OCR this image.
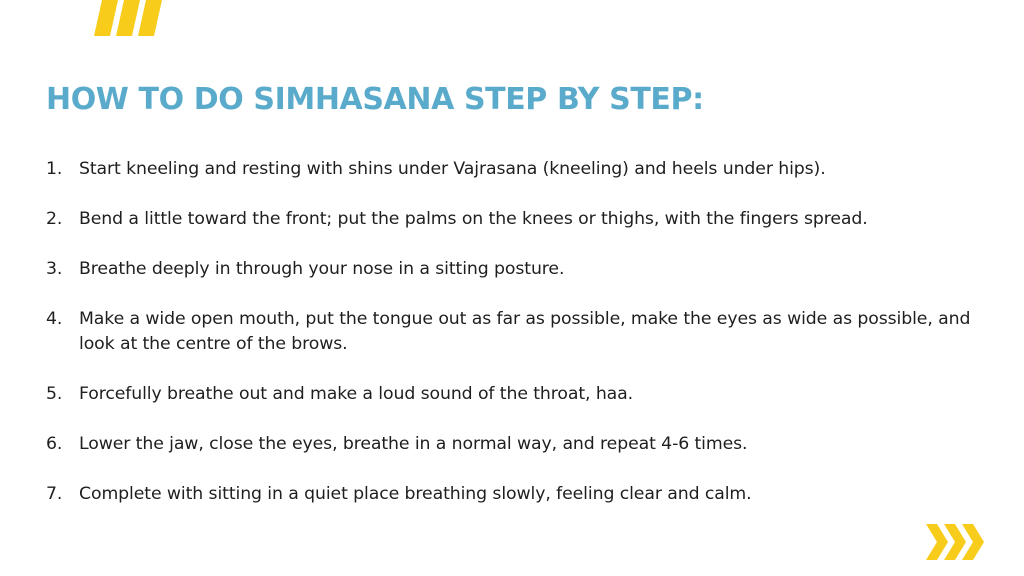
HOW TO DO SIMHASANA STEP BY STEP:
1. Start kneeling and resting with shins under Vajrasana (kneeling) and heels under hips).
2. Bend a little toward the front; put the palms on the knees or thighs, with the fingers spread.
3. Breathe deeply in through your nose in a sitting posture.
4. Make a wide open mouth, put the tongue out as far as possible, make the eyes as wide as possible, and look at the centre of the brows.
5. Forcefully breathe out and make a loud sound of the throat, haa.
6. Lower the jaw, close the eyes, breathe in a normal way, and repeat 4-6 times.
7. Complete with sitting in a quiet place breathing slowly, feeling clear and calm.
